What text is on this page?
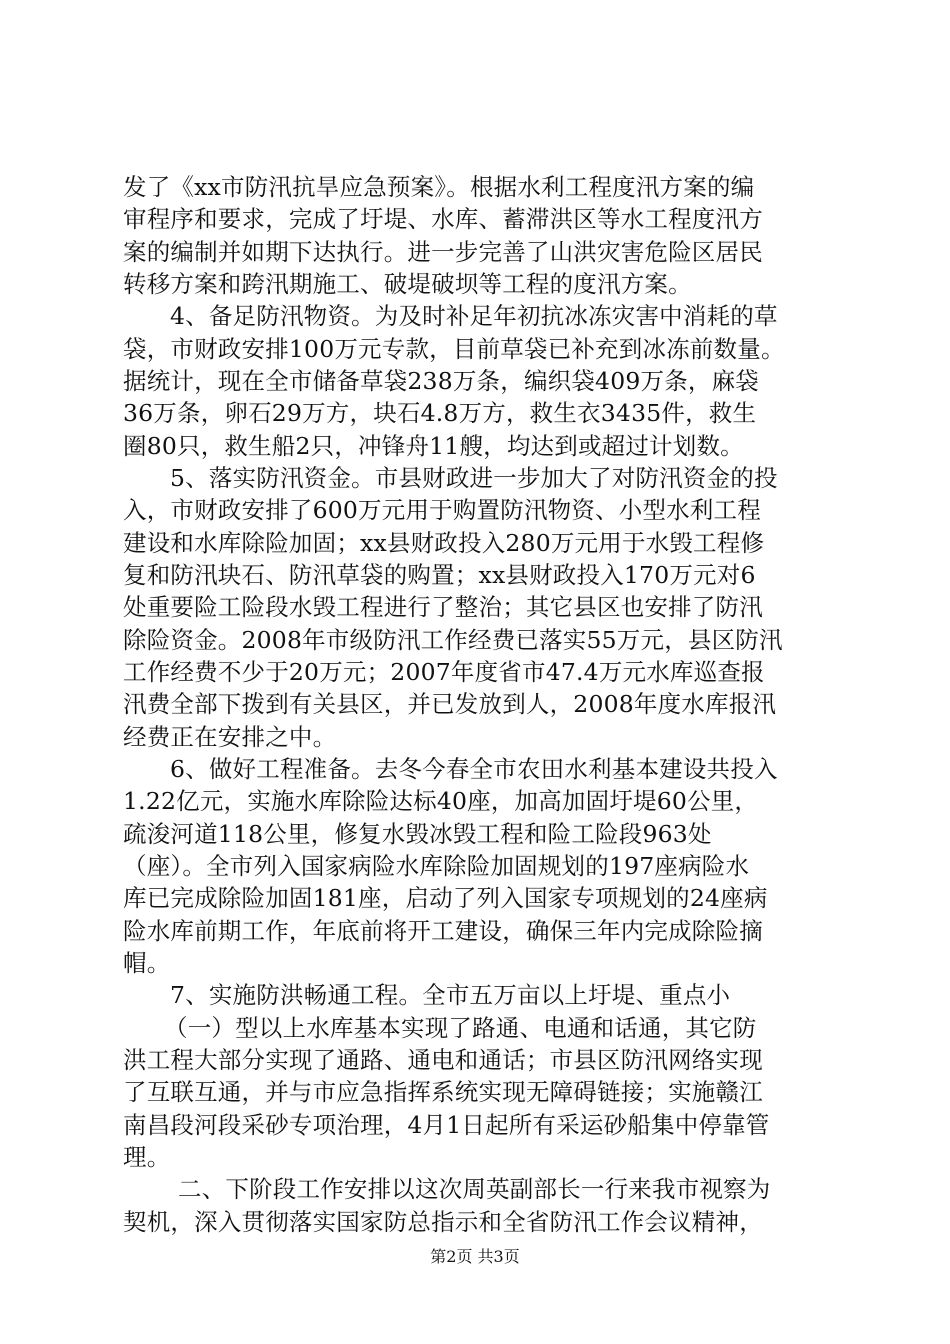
发了《xx市防汛抗旱应急预案》。根据水利工程度汛方案的编
审程序和要求，完成了圩堤、水库、蓄滞洪区等水工程度汛方
案的编制并如期下达执行。进一步完善了山洪灾害危险区居民
转移方案和跨汛期施工、破堤破坝等工程的度汛方案。
4、备足防汛物资。为及时补足年初抗冰冻灾害中消耗的草
袋，市财政安排100万元专款，目前草袋已补充到冰冻前数量。
据统计，现在全市储备草袋238万条，编织袋409万条，麻袋
36万条，卵石29万方，块石4.8万方，救生衣3435件，救生
圈80只，救生船2只，冲锋舟11艘，均达到或超过计划数。
5、落实防汛资金。市县财政进一步加大了对防汛资金的投
入，市财政安排了600万元用于购置防汛物资、小型水利工程
建设和水库除险加固；xx县财政投入280万元用于水毁工程修
复和防汛块石、防汛草袋的购置；xx县财政投入170万元对6
处重要险工险段水毁工程进行了整治；其它县区也安排了防汛
除险资金。2008年市级防汛工作经费已落实55万元，县区防汛
工作经费不少于20万元；2007年度省市47.4万元水库巡查报
汛费全部下拨到有关县区，并已发放到人，2008年度水库报汛
经费正在安排之中。
6、做好工程准备。去冬今春全市农田水利基本建设共投入
1.22亿元，实施水库除险达标40座，加高加固圩堤60公里，
疏浚河道118公里，修复水毁冰毁工程和险工险段963处
（座）。全市列入国家病险水库除险加固规划的197座病险水
库已完成除险加固181座，启动了列入国家专项规划的24座病
险水库前期工作，年底前将开工建设，确保三年内完成除险摘
帽。
7、实施防洪畅通工程。全市五万亩以上圩堤、重点小
（一）型以上水库基本实现了路通、电通和话通，其它防
洪工程大部分实现了通路、通电和通话；市县区防汛网络实现
了互联互通，并与市应急指挥系统实现无障碍链接；实施赣江
南昌段河段采砂专项治理，4月1日起所有采运砂船集中停靠管
理。
二、下阶段工作安排以这次周英副部长一行来我市视察为
契机，深入贯彻落实国家防总指示和全省防汛工作会议精神，
第2页 共3页
